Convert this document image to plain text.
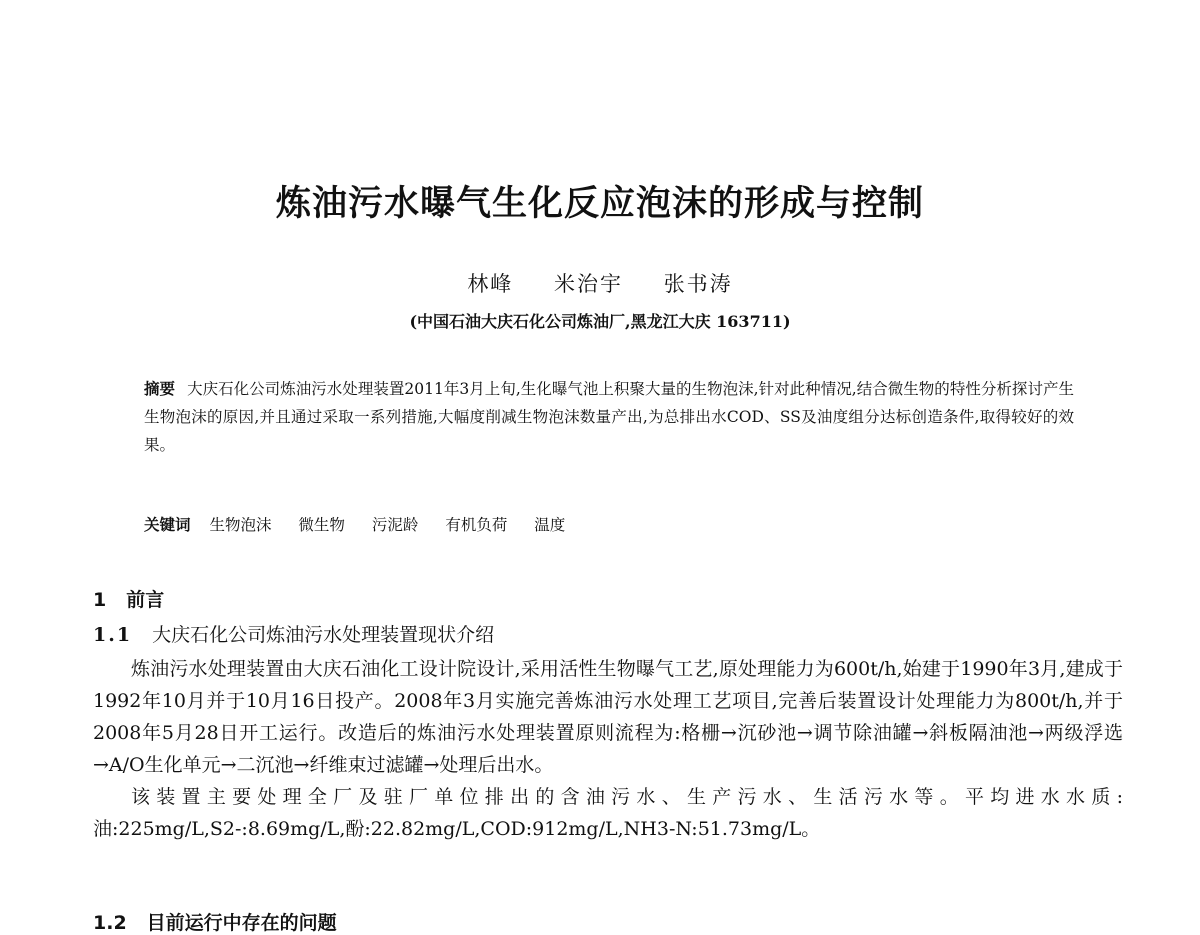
炼油污水曝气生化反应泡沫的形成与控制
林峰 米治宇 张书涛
(中国石油大庆石化公司炼油厂,黑龙江大庆 163711)
摘要 大庆石化公司炼油污水处理装置2011年3月上旬,生化曝气池上积聚大量的生物泡沫,针对此种情况,结合微生物的特性分析探讨产生生物泡沫的原因,并且通过采取一系列措施,大幅度削减生物泡沫数量产出,为总排出水COD、SS及油度组分达标创造条件,取得较好的效果。
关键词 生物泡沫 微生物 污泥龄 有机负荷 温度
1 前言
1.1 大庆石化公司炼油污水处理装置现状介绍

炼油污水处理装置由大庆石油化工设计院设计,采用活性生物曝气工艺,原处理能力为600t/h,始建于1990年3月,建成于1992年10月并于10月16日投产。2008年3月实施完善炼油污水处理工艺项目,完善后装置设计处理能力为800t/h,并于2008年5月28日开工运行。改造后的炼油污水处理装置原则流程为:格栅→沉砂池→调节除油罐→斜板隔油池→两级浮选→A/O生化单元→二沉池→纤维束过滤罐→处理后出水。

该装置主要处理全厂及驻厂单位排出的含油污水、生产污水、生活污水等。平均进水水质:油:225mg/L,S2-:8.69mg/L,酚:22.82mg/L,COD:912mg/L,NH3-N:51.73mg/L。

1.2 目前运行中存在的问题
